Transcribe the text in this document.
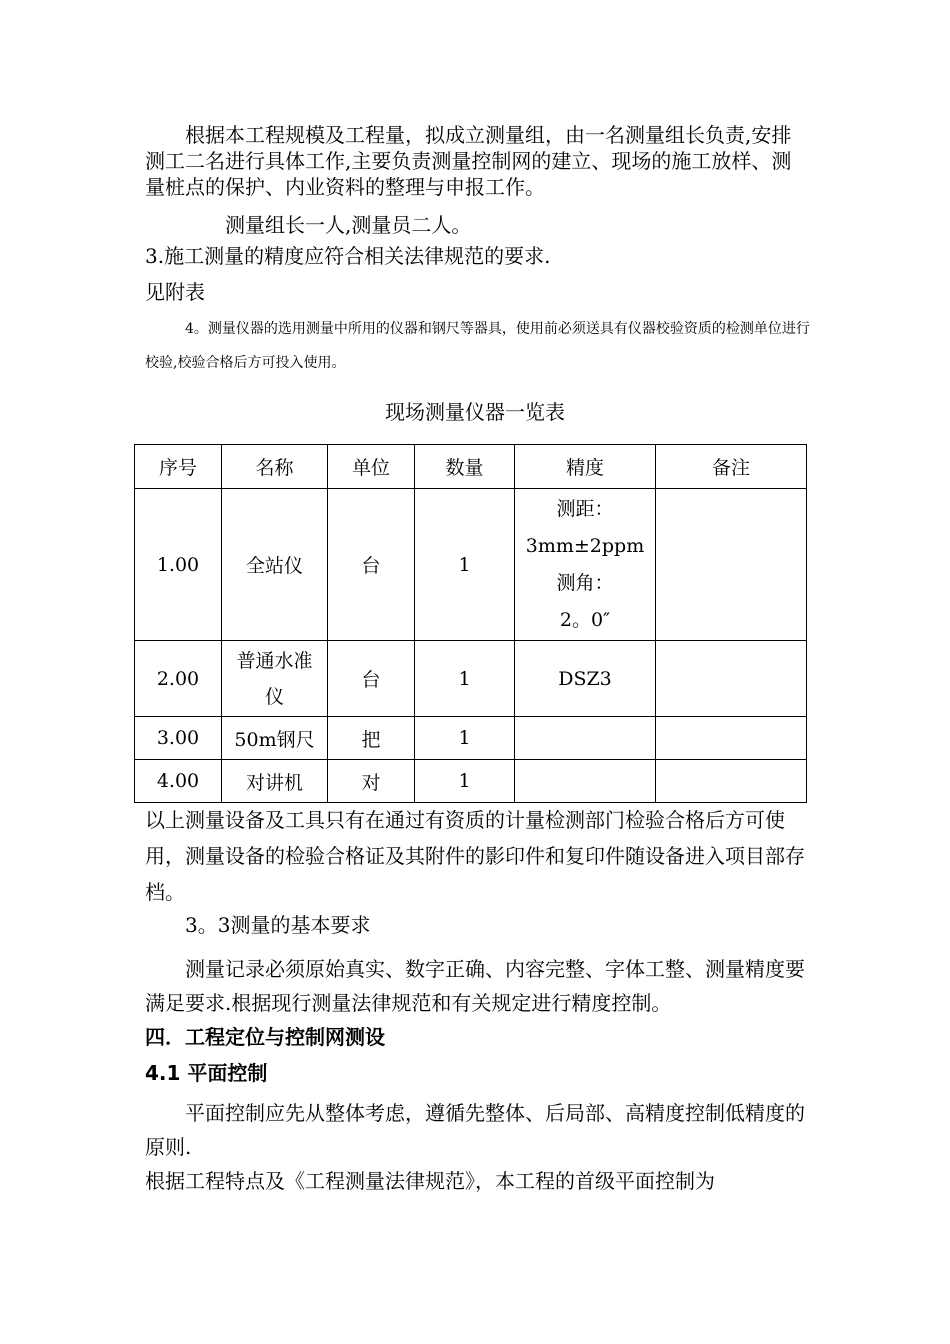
根据本工程规模及工程量，拟成立测量组，由一名测量组长负责,安排测工二名进行具体工作,主要负责测量控制网的建立、现场的施工放样、测量桩点的保护、内业资料的整理与申报工作。
测量组长一人,测量员二人。
3.施工测量的精度应符合相关法律规范的要求.
见附表
4。测量仪器的选用测量中所用的仪器和钢尺等器具，使用前必须送具有仪器校验资质的检测单位进行校验,校验合格后方可投入使用。
现场测量仪器一览表
序号	名称	单位	数量	精度	备注
1.00	全站仪	台	1	测距：
3mm±2ppm
测角：
2。0″	

2.00	普通水准仪	台	1	DSZ3	
3.00	50m钢尺	把	1		
4.00	对讲机	对	1		
以上测量设备及工具只有在通过有资质的计量检测部门检验合格后方可使用，测量设备的检验合格证及其附件的影印件和复印件随设备进入项目部存档。
3。3测量的基本要求
测量记录必须原始真实、数字正确、内容完整、字体工整、测量精度要满足要求.根据现行测量法律规范和有关规定进行精度控制。
四．工程定位与控制网测设
4.1 平面控制
平面控制应先从整体考虑，遵循先整体、后局部、高精度控制低精度的原则.
根据工程特点及《工程测量法律规范》，本工程的首级平面控制为
